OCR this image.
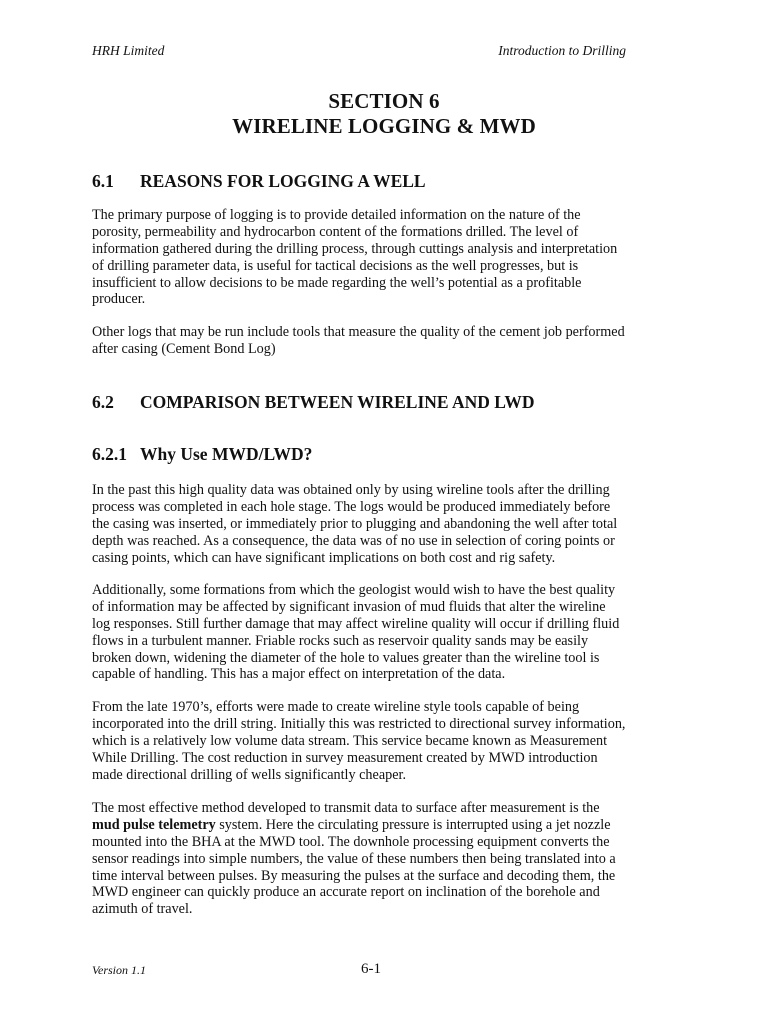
HRH Limited	Introduction to Drilling
SECTION 6
WIRELINE LOGGING & MWD
6.1 REASONS FOR LOGGING A WELL
The primary purpose of logging is to provide detailed information on the nature of the
porosity, permeability and hydrocarbon content of the formations drilled. The level of
information gathered during the drilling process, through cuttings analysis and interpretation
of drilling parameter data, is useful for tactical decisions as the well progresses, but is
insufficient to allow decisions to be made regarding the well’s potential as a profitable
producer.
Other logs that may be run include tools that measure the quality of the cement job performed
after casing (Cement Bond Log)
6.2 COMPARISON BETWEEN WIRELINE AND LWD
6.2.1 Why Use MWD/LWD?
In the past this high quality data was obtained only by using wireline tools after the drilling
process was completed in each hole stage. The logs would be produced immediately before
the casing was inserted, or immediately prior to plugging and abandoning the well after total
depth was reached. As a consequence, the data was of no use in selection of coring points or
casing points, which can have significant implications on both cost and rig safety.
Additionally, some formations from which the geologist would wish to have the best quality
of information may be affected by significant invasion of mud fluids that alter the wireline
log responses. Still further damage that may affect wireline quality will occur if drilling fluid
flows in a turbulent manner. Friable rocks such as reservoir quality sands may be easily
broken down, widening the diameter of the hole to values greater than the wireline tool is
capable of handling. This has a major effect on interpretation of the data.
From the late 1970’s, efforts were made to create wireline style tools capable of being
incorporated into the drill string. Initially this was restricted to directional survey information,
which is a relatively low volume data stream. This service became known as Measurement
While Drilling. The cost reduction in survey measurement created by MWD introduction
made directional drilling of wells significantly cheaper.
The most effective method developed to transmit data to surface after measurement is the
mud pulse telemetry system. Here the circulating pressure is interrupted using a jet nozzle
mounted into the BHA at the MWD tool. The downhole processing equipment converts the
sensor readings into simple numbers, the value of these numbers then being translated into a
time interval between pulses. By measuring the pulses at the surface and decoding them, the
MWD engineer can quickly produce an accurate report on inclination of the borehole and
azimuth of travel.
Version 1.1	6-1
